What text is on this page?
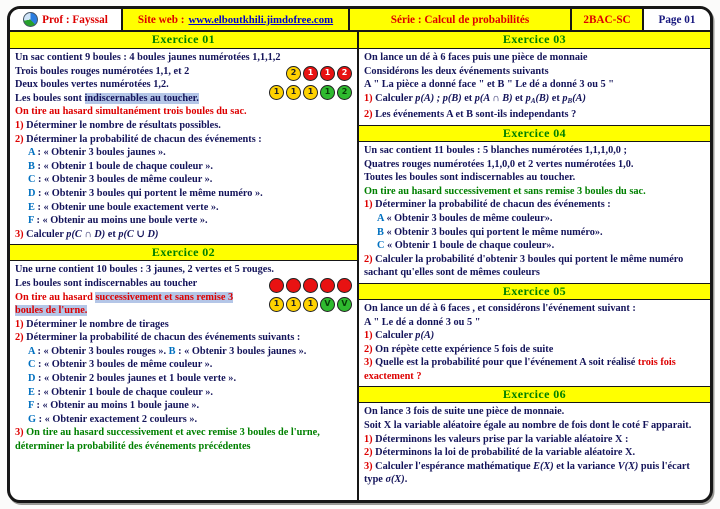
Prof : Fayssal	Site web : www.elboutkhili.jimdofree.com	Série : Calcul de probabilités	2BAC-SC Page 01
Exercice 01
Un sac contient 9 boules : 4 boules jaunes numérotées 1,1,1,2
2	1	1	2
1	1	1	1	2
Trois boules rouges numérotées 1,1, et 2
Deux boules vertes numérotées 1,2.
Les boules sont indiscernables au toucher.
On tire au hasard simultanément trois boules du sac.
1) Déterminer le nombre de résultats possibles.
2) Déterminer la probabilité de chacun des événements :
A : « Obtenir 3 boules jaunes ».
B : « Obtenir 1 boule de chaque couleur ».
C : « Obtenir 3 boules de même couleur ».
D : « Obtenir 3 boules qui portent le même numéro ».
E : « Obtenir une boule exactement verte ».
F : « Obtenir au moins une boule verte ».
3) Calculer p(C ∩ D) et p(C ∪ D)
Exercice 02
Une urne contient 10 boules : 3 jaunes, 2 vertes et 5 rouges.
1	1	1	V	V
Les boules sont indiscernables au toucher
On tire au hasard successivement et sans remise 3 boules de l'urne.
1) Déterminer le nombre de tirages
2) Déterminer la probabilité de chacun des événements suivants :
A : « Obtenir 3 boules rouges ». B : « Obtenir 3 boules jaunes ».
C : « Obtenir 3 boules de même couleur ».
D : « Obtenir 2 boules jaunes et 1 boule verte ».
E : « Obtenir 1 boule de chaque couleur ».
F : « Obtenir au moins 1 boule jaune ».
G : « Obtenir exactement 2 couleurs ».
3) On tire au hasard successivement et avec remise 3 boules de l'urne, déterminer la probabilité des événements précédentes
Exercice 03
On lance un dé à 6 faces puis une pièce de monnaie
Considérons les deux événements suivants
A " La pièce a donné face " et B " Le dé a donné 3 ou 5 "
1) Calculer p(A) ; p(B) et p(A ∩ B) et $p_A(B)$ et $p_B(A)$
2) Les événements A et B sont-ils independants ?
Exercice 04
Un sac contient 11 boules : 5 blanches numérotées 1,1,1,0,0 ;
Quatres rouges numérotées 1,1,0,0 et 2 vertes numérotées 1,0.
Toutes les boules sont indiscernables au toucher.
On tire au hasard successivement et sans remise 3 boules du sac.
1) Déterminer la probabilité de chacun des événements :
A « Obtenir 3 boules de même couleur».
B « Obtenir 3 boules qui portent le même numéro».
C « Obtenir 1 boule de chaque couleur».
2) Calculer la probabilité d'obtenir 3 boules qui portent le même numéro sachant qu'elles sont de mêmes couleurs
Exercice 05
On lance un dé à 6 faces , et considérons l'événement suivant :
A " Le dé a donné 3 ou 5 "
1) Calculer p(A)
2) On répète cette expérience 5 fois de suite
3) Quelle est la probabilité pour que l'événement A soit réalisé trois fois exactement ?
Exercice 06
On lance 3 fois de suite une pièce de monnaie.
Soit X la variable aléatoire égale au nombre de fois dont le coté F apparait.
1) Déterminons les valeurs prise par la variable aléatoire X :
2) Déterminons la loi de probabilité de la variable aléatoire X.
3) Calculer l'espérance mathématique E(X) et la variance V(X) puis l'écart type σ(X).
